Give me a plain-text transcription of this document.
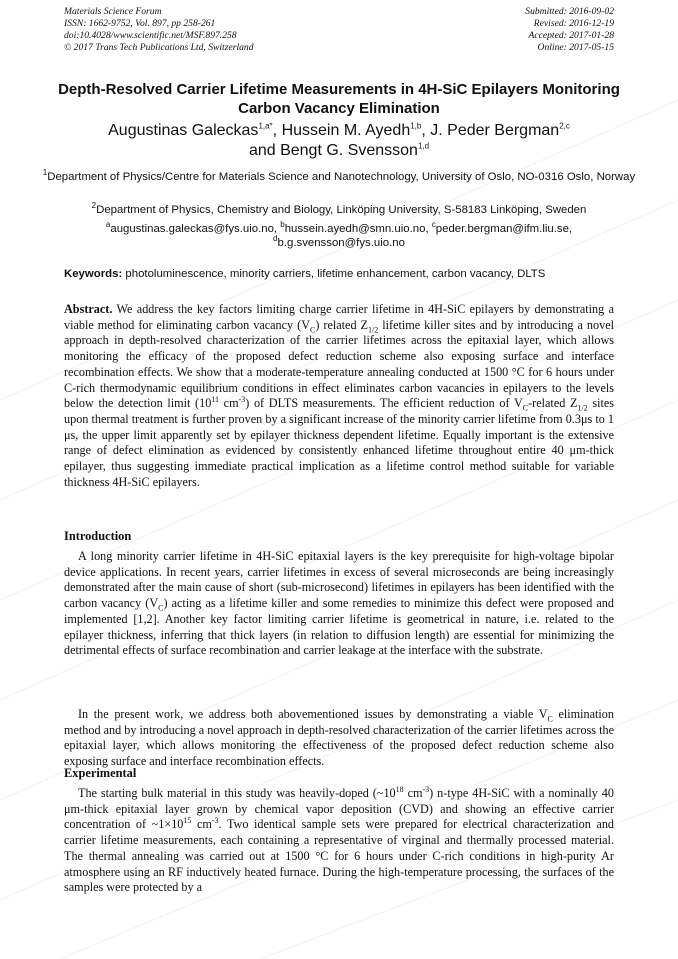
Materials Science Forum
ISSN: 1662-9752, Vol. 897, pp 258-261
doi:10.4028/www.scientific.net/MSF.897.258
© 2017 Trans Tech Publications Ltd, Switzerland
Submitted: 2016-09-02
Revised: 2016-12-19
Accepted: 2017-01-28
Online: 2017-05-15
Depth-Resolved Carrier Lifetime Measurements in 4H-SiC Epilayers Monitoring Carbon Vacancy Elimination
Augustinas Galeckas$^{1,a*}$, Hussein M. Ayedh$^{1,b}$, J. Peder Bergman$^{2,c}$
and Bengt G. Svensson$^{1,d}$
$^1$Department of Physics/Centre for Materials Science and Nanotechnology, University of Oslo, NO-0316 Oslo, Norway
$^2$Department of Physics, Chemistry and Biology, Linköping University, S-58183 Linköping, Sweden
$^a$augustinas.galeckas@fys.uio.no, $^b$hussein.ayedh@smn.uio.no, $^c$peder.bergman@ifm.liu.se,
$^d$b.g.svensson@fys.uio.no
Keywords: photoluminescence, minority carriers, lifetime enhancement, carbon vacancy, DLTS
Abstract. We address the key factors limiting charge carrier lifetime in 4H-SiC epilayers by demonstrating a viable method for eliminating carbon vacancy $(V_C)$ related $Z_{1/2}$ lifetime killer sites and by introducing a novel approach in depth-resolved characterization of the carrier lifetimes across the epitaxial layer, which allows monitoring the efficacy of the proposed defect reduction scheme also exposing surface and interface recombination effects. We show that a moderate-temperature annealing conducted at 1500 °C for 6 hours under C-rich thermodynamic equilibrium conditions in effect eliminates carbon vacancies in epilayers to the levels below the detection limit ($10^{11}$ $cm^{-3}$) of DLTS measurements. The efficient reduction of $V_C$-related $Z_{1/2}$ sites upon thermal treatment is further proven by a significant increase of the minority carrier lifetime from 0.3μs to 1 μs, the upper limit apparently set by epilayer thickness dependent lifetime. Equally important is the extensive range of defect elimination as evidenced by consistently enhanced lifetime throughout entire 40 μm-thick epilayer, thus suggesting immediate practical implication as a lifetime control method suitable for variable thickness 4H-SiC epilayers.
Introduction
A long minority carrier lifetime in 4H-SiC epitaxial layers is the key prerequisite for high-voltage bipolar device applications. In recent years, carrier lifetimes in excess of several microseconds are being increasingly demonstrated after the main cause of short (sub-microsecond) lifetimes in epilayers has been identified with the carbon vacancy $(V_C)$ acting as a lifetime killer and some remedies to minimize this defect were proposed and implemented [1,2]. Another key factor limiting carrier lifetime is geometrical in nature, i.e. related to the epilayer thickness, inferring that thick layers (in relation to diffusion length) are essential for minimizing the detrimental effects of surface recombination and carrier leakage at the interface with the substrate.
In the present work, we address both abovementioned issues by demonstrating a viable $V_C$ elimination method and by introducing a novel approach in depth-resolved characterization of the carrier lifetimes across the epitaxial layer, which allows monitoring the effectiveness of the proposed defect reduction scheme also exposing surface and interface recombination effects.
Experimental
The starting bulk material in this study was heavily-doped ($\sim 10^{18}$ $cm^{-3}$) n-type 4H-SiC with a nominally 40 μm-thick epitaxial layer grown by chemical vapor deposition (CVD) and showing an effective carrier concentration of $\sim 1\times 10^{15}$ $cm^{-3}$. Two identical sample sets were prepared for electrical characterization and carrier lifetime measurements, each containing a representative of virginal and thermally processed material. The thermal annealing was carried out at 1500 °C for 6 hours under C-rich conditions in high-purity Ar atmosphere using an RF inductively heated furnace. During the high-temperature processing, the surfaces of the samples were protected by a
